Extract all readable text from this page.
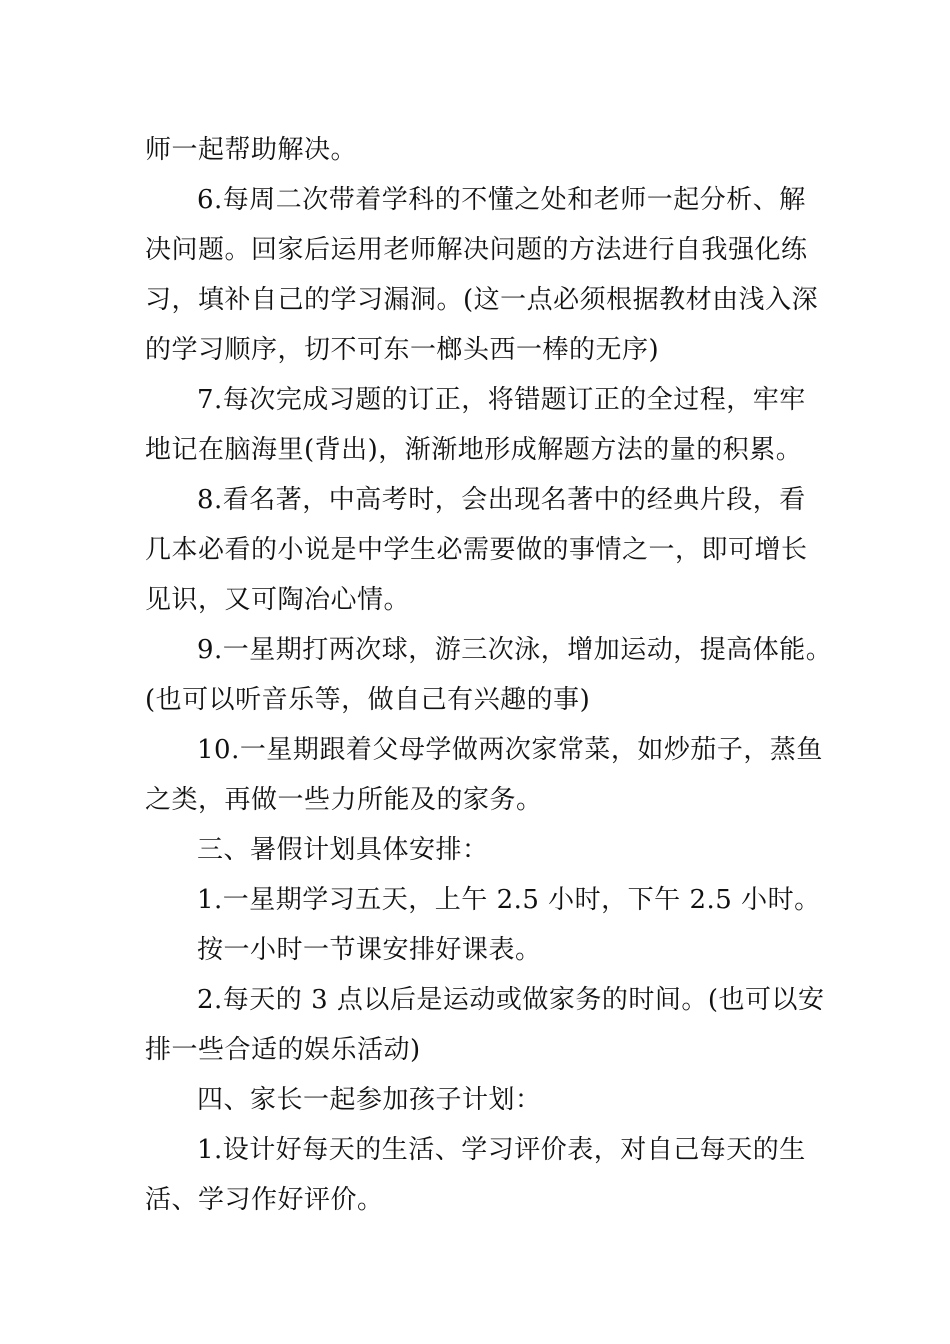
师一起帮助解决。
6.每周二次带着学科的不懂之处和老师一起分析、解
决问题。回家后运用老师解决问题的方法进行自我强化练
习，填补自己的学习漏洞。(这一点必须根据教材由浅入深
的学习顺序，切不可东一榔头西一棒的无序)
7.每次完成习题的订正，将错题订正的全过程，牢牢
地记在脑海里(背出)，渐渐地形成解题方法的量的积累。
8.看名著，中高考时，会出现名著中的经典片段，看
几本必看的小说是中学生必需要做的事情之一，即可增长
见识，又可陶冶心情。
9.一星期打两次球，游三次泳，增加运动，提高体能。
(也可以听音乐等，做自己有兴趣的事)
10.一星期跟着父母学做两次家常菜，如炒茄子，蒸鱼
之类，再做一些力所能及的家务。
三、暑假计划具体安排：
1.一星期学习五天，上午 2.5 小时，下午 2.5 小时。
按一小时一节课安排好课表。
2.每天的 3 点以后是运动或做家务的时间。(也可以安
排一些合适的娱乐活动)
四、家长一起参加孩子计划：
1.设计好每天的生活、学习评价表，对自己每天的生
活、学习作好评价。
